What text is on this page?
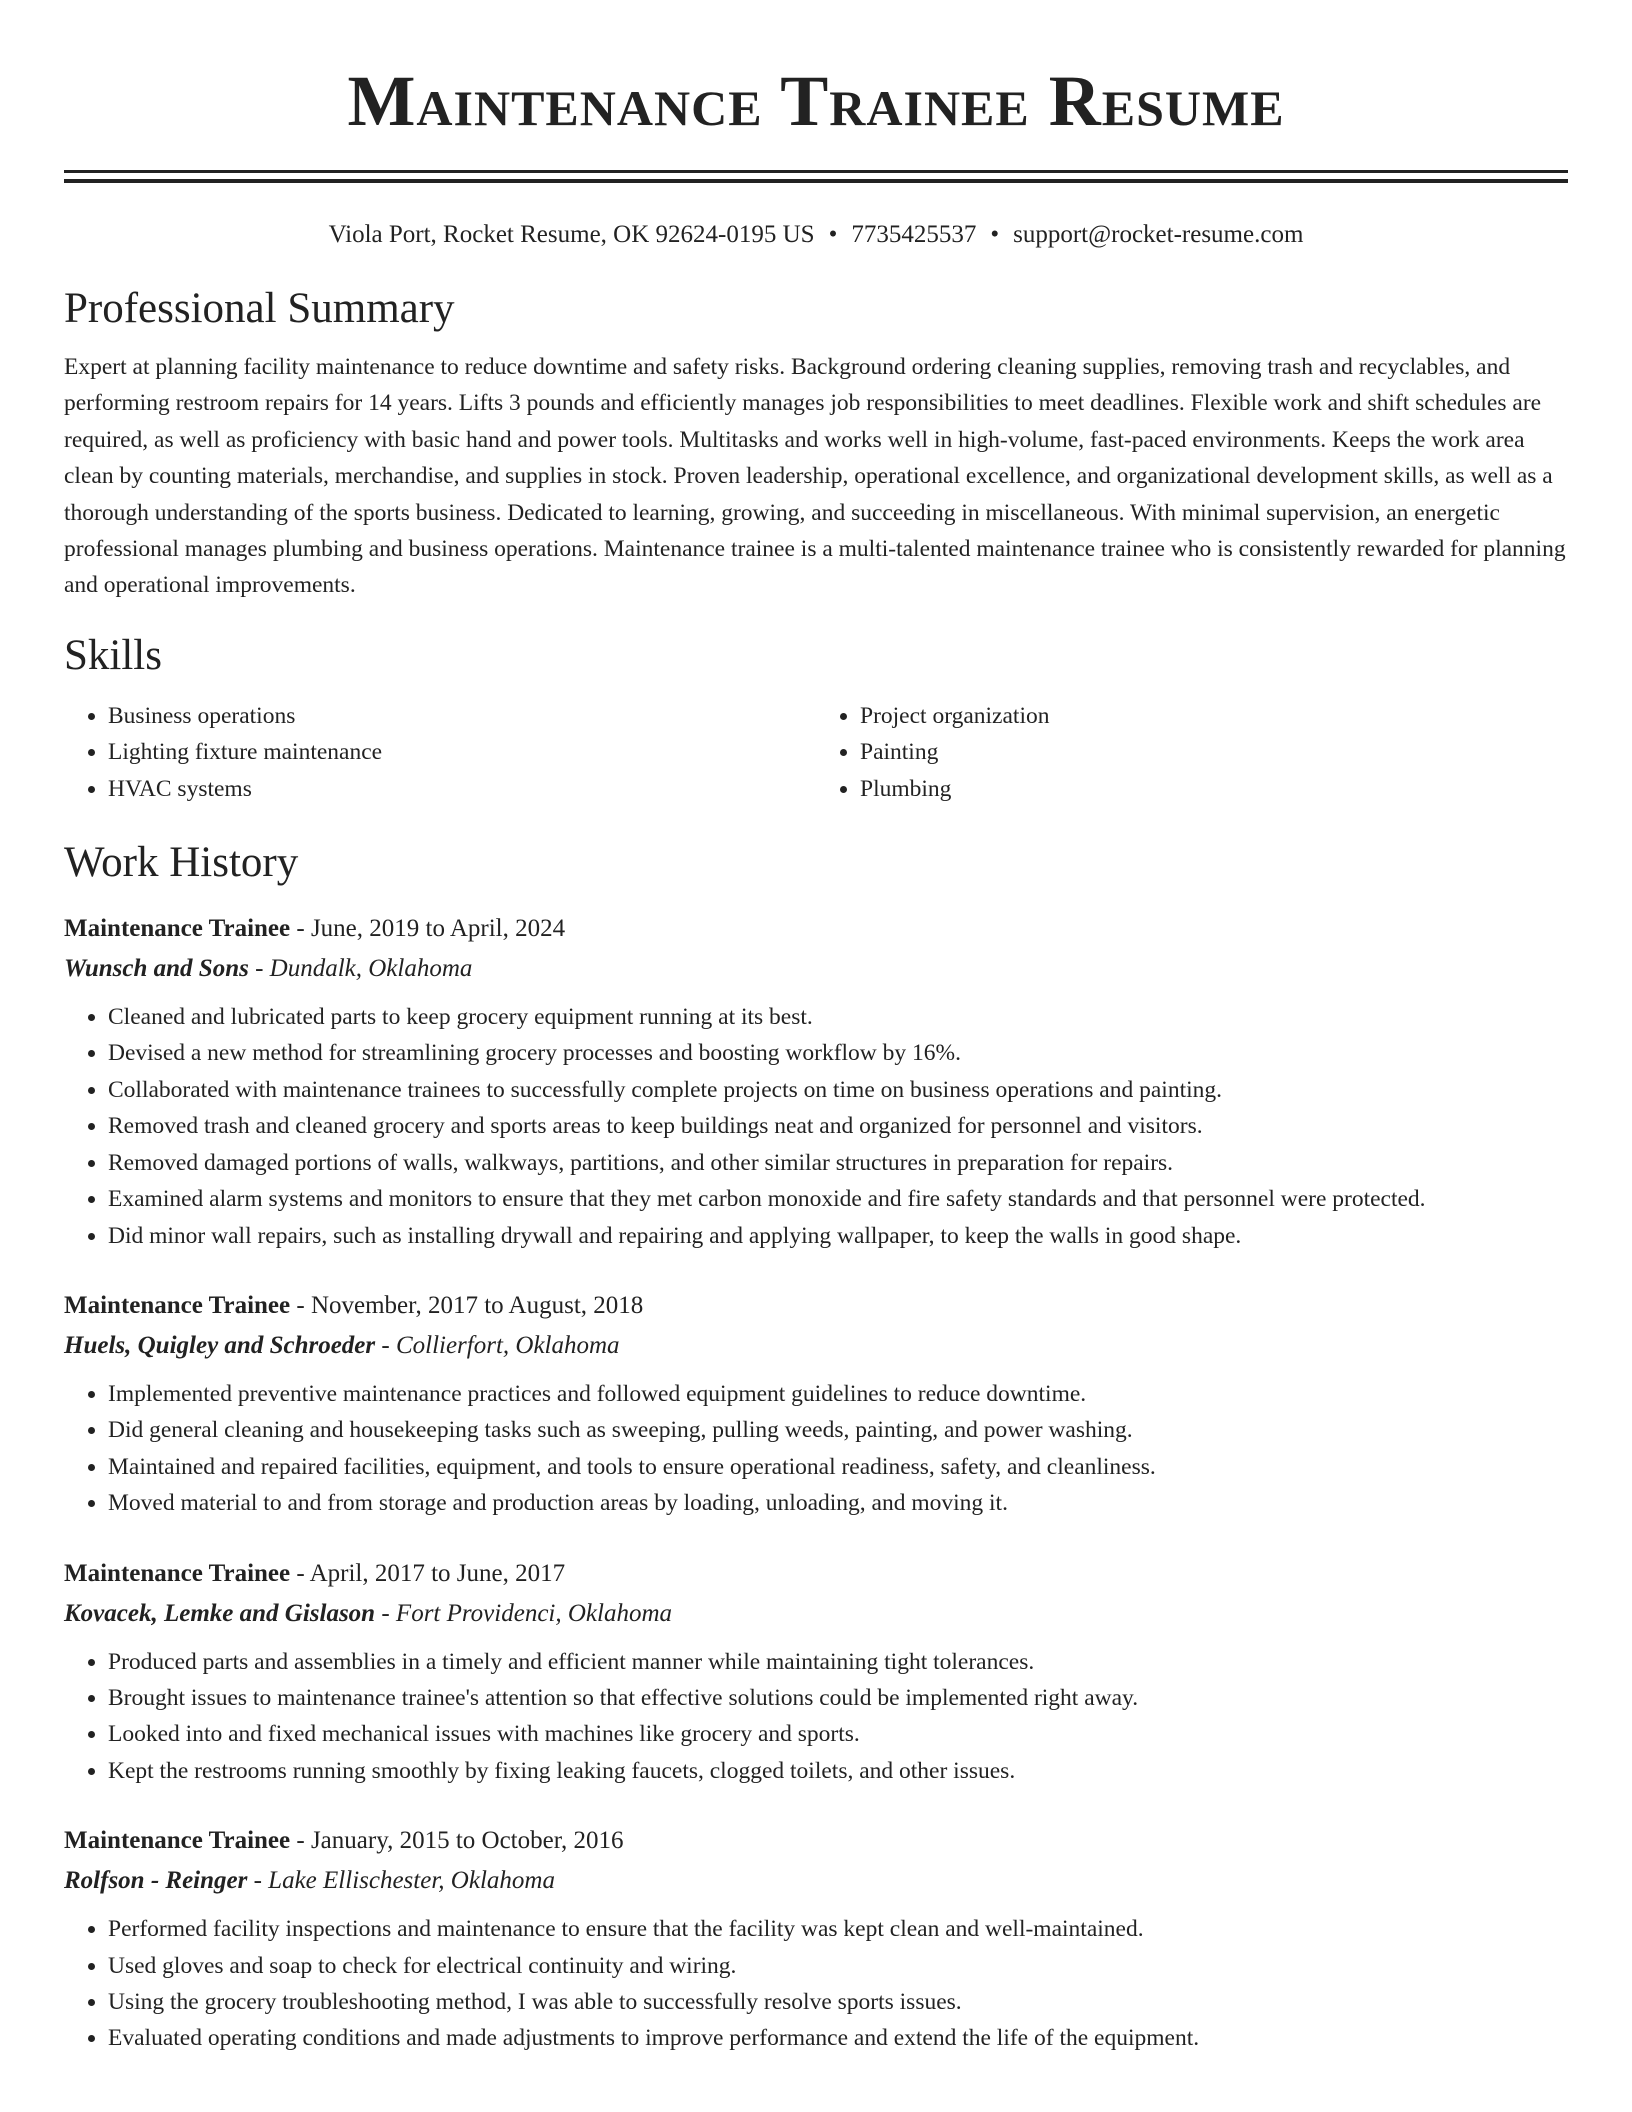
Maintenance Trainee Resume
Viola Port, Rocket Resume, OK 92624-0195 US • 7735425537 • support@rocket-resume.com
Professional Summary
Expert at planning facility maintenance to reduce downtime and safety risks. Background ordering cleaning supplies, removing trash and recyclables, and performing restroom repairs for 14 years. Lifts 3 pounds and efficiently manages job responsibilities to meet deadlines. Flexible work and shift schedules are required, as well as proficiency with basic hand and power tools. Multitasks and works well in high-volume, fast-paced environments. Keeps the work area clean by counting materials, merchandise, and supplies in stock. Proven leadership, operational excellence, and organizational development skills, as well as a thorough understanding of the sports business. Dedicated to learning, growing, and succeeding in miscellaneous. With minimal supervision, an energetic professional manages plumbing and business operations. Maintenance trainee is a multi-talented maintenance trainee who is consistently rewarded for planning and operational improvements.
Skills
• Business operations
• Lighting fixture maintenance
• HVAC systems
• Project organization
• Painting
• Plumbing
Work History
Maintenance Trainee - June, 2019 to April, 2024
Wunsch and Sons - Dundalk, Oklahoma
• Cleaned and lubricated parts to keep grocery equipment running at its best.
• Devised a new method for streamlining grocery processes and boosting workflow by 16%.
• Collaborated with maintenance trainees to successfully complete projects on time on business operations and painting.
• Removed trash and cleaned grocery and sports areas to keep buildings neat and organized for personnel and visitors.
• Removed damaged portions of walls, walkways, partitions, and other similar structures in preparation for repairs.
• Examined alarm systems and monitors to ensure that they met carbon monoxide and fire safety standards and that personnel were protected.
• Did minor wall repairs, such as installing drywall and repairing and applying wallpaper, to keep the walls in good shape.
Maintenance Trainee - November, 2017 to August, 2018
Huels, Quigley and Schroeder - Collierfort, Oklahoma
• Implemented preventive maintenance practices and followed equipment guidelines to reduce downtime.
• Did general cleaning and housekeeping tasks such as sweeping, pulling weeds, painting, and power washing.
• Maintained and repaired facilities, equipment, and tools to ensure operational readiness, safety, and cleanliness.
• Moved material to and from storage and production areas by loading, unloading, and moving it.
Maintenance Trainee - April, 2017 to June, 2017
Kovacek, Lemke and Gislason - Fort Providenci, Oklahoma
• Produced parts and assemblies in a timely and efficient manner while maintaining tight tolerances.
• Brought issues to maintenance trainee's attention so that effective solutions could be implemented right away.
• Looked into and fixed mechanical issues with machines like grocery and sports.
• Kept the restrooms running smoothly by fixing leaking faucets, clogged toilets, and other issues.
Maintenance Trainee - January, 2015 to October, 2016
Rolfson - Reinger - Lake Ellischester, Oklahoma
• Performed facility inspections and maintenance to ensure that the facility was kept clean and well-maintained.
• Used gloves and soap to check for electrical continuity and wiring.
• Using the grocery troubleshooting method, I was able to successfully resolve sports issues.
• Evaluated operating conditions and made adjustments to improve performance and extend the life of the equipment.
